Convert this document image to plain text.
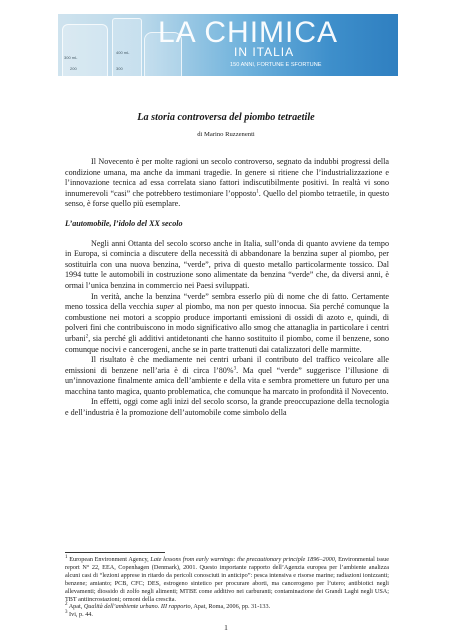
300 mL
400 mL
300
200
LA CHIMICA
IN ITALIA
150 ANNI, FORTUNE E SFORTUNE
La storia controversa del piombo tetraetile
di Marino Ruzzenenti

Il Novecento è per molte ragioni un secolo controverso, segnato da indubbi progressi della condizione umana, ma anche da immani tragedie. In genere si ritiene che l’industrializzazione e l’innovazione tecnica ad essa correlata siano fattori indiscutibilmente positivi. In realtà vi sono innumerevoli “casi” che potrebbero testimoniare l’opposto$^1$. Quello del piombo tetraetile, in questo senso, è forse quello più esemplare.

L’automobile, l’idolo del XX secolo

Negli anni Ottanta del secolo scorso anche in Italia, sull’onda di quanto avviene da tempo in Europa, si comincia a discutere della necessità di abbandonare la benzina super al piombo, per sostituirla con una nuova benzina, “verde”, priva di questo metallo particolarmente tossico. Dal 1994 tutte le automobili in costruzione sono alimentate da benzina “verde” che, da diversi anni, è ormai l’unica benzina in commercio nei Paesi sviluppati.

In verità, anche la benzina “verde” sembra esserlo più di nome che di fatto. Certamente meno tossica della vecchia super al piombo, ma non per questo innocua. Sia perché comunque la combustione nei motori a scoppio produce importanti emissioni di ossidi di azoto e, quindi, di polveri fini che contribuiscono in modo significativo allo smog che attanaglia in particolare i centri urbani$^2$, sia perché gli additivi antidetonanti che hanno sostituito il piombo, come il benzene, sono comunque nocivi e cancerogeni, anche se in parte trattenuti dai catalizzatori delle marmitte.

Il risultato è che mediamente nei centri urbani il contributo del traffico veicolare alle emissioni di benzene nell’aria è di circa l’80%$^3$. Ma quel “verde” suggerisce l’illusione di un’innovazione finalmente amica dell’ambiente e della vita e sembra promettere un futuro per una macchina tanto magica, quanto problematica, che comunque ha marcato in profondità il Novecento.

In effetti, oggi come agli inizi del secolo scorso, la grande preoccupazione della tecnologia e dell’industria è la promozione dell’automobile come simbolo della

$^1$ European Environment Agency, Late lessons from early warnings: the precautionary principle 1896–2000, Environmental issue report N° 22, EEA, Copenhagen (Denmark), 2001. Questo importante rapporto dell’Agenzia europea per l’ambiente analizza alcuni casi di “lezioni apprese in ritardo da pericoli conosciuti in anticipo”: pesca intensiva e risorse marine; radiazioni ionizzanti; benzene; amianto; PCB, CFC; DES, estrogeno sintetico per procurare aborti, ma cancerogeno per l’utero; antibiotici negli allevamenti; diossido di zolfo negli alimenti; MTBE come additivo nei carburanti; contaminazione dei Grandi Laghi negli USA; TBT antiincrostazioni; ormoni della crescita.

$^2$ Apat, Qualità dell’ambiente urbano. III rapporto, Apat, Roma, 2006, pp. 31-133.

$^3$ Ivi, p. 44.

1
